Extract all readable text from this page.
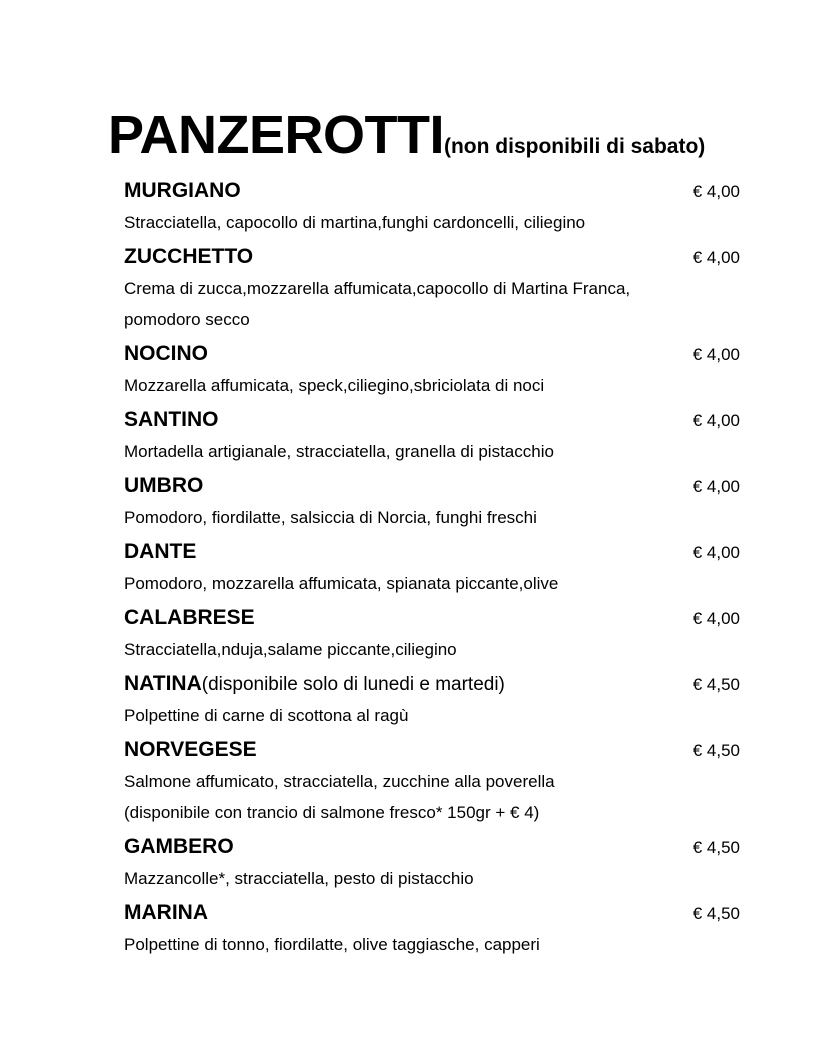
PANZEROTTI(non disponibili di sabato)
MURGIANO	€ 4,00
Stracciatella, capocollo di martina,funghi cardoncelli, ciliegino
ZUCCHETTO	€ 4,00
Crema di zucca,mozzarella affumicata,capocollo di Martina Franca,
pomodoro secco
NOCINO	€ 4,00
Mozzarella affumicata, speck,ciliegino,sbriciolata di noci
SANTINO	€ 4,00
Mortadella artigianale, stracciatella, granella di pistacchio
UMBRO	€ 4,00
Pomodoro, fiordilatte, salsiccia di Norcia, funghi freschi
DANTE	€ 4,00
Pomodoro, mozzarella affumicata, spianata piccante,olive
CALABRESE	€ 4,00
Stracciatella,nduja,salame piccante,ciliegino
NATINA(disponibile solo di lunedi e martedi)	€ 4,50
Polpettine di carne di scottona al ragù
NORVEGESE	€ 4,50
Salmone affumicato, stracciatella, zucchine alla poverella
(disponibile con trancio di salmone fresco* 150gr + € 4)
GAMBERO	€ 4,50
Mazzancolle*, stracciatella, pesto di pistacchio
MARINA	€ 4,50
Polpettine di tonno, fiordilatte, olive taggiasche, capperi
